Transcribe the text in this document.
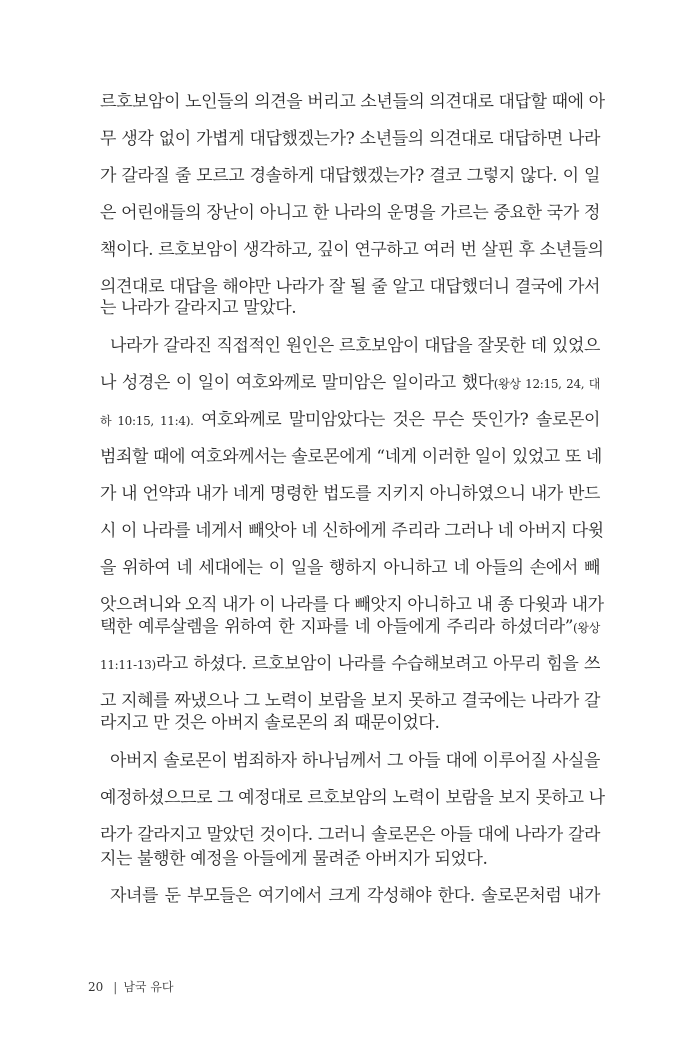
르호보암이 노인들의 의견을 버리고 소년들의 의견대로 대답할 때에 아
무 생각 없이 가볍게 대답했겠는가? 소년들의 의견대로 대답하면 나라
가 갈라질 줄 모르고 경솔하게 대답했겠는가? 결코 그렇지 않다. 이 일
은 어린애들의 장난이 아니고 한 나라의 운명을 가르는 중요한 국가 정
책이다. 르호보암이 생각하고, 깊이 연구하고 여러 번 살핀 후 소년들의
의견대로 대답을 해야만 나라가 잘 될 줄 알고 대답했더니 결국에 가서
는 나라가 갈라지고 말았다.
나라가 갈라진 직접적인 원인은 르호보암이 대답을 잘못한 데 있었으
나 성경은 이 일이 여호와께로 말미암은 일이라고 했다(왕상 12:15, 24, 대
하 10:15, 11:4). 여호와께로 말미암았다는 것은 무슨 뜻인가? 솔로몬이
범죄할 때에 여호와께서는 솔로몬에게 “네게 이러한 일이 있었고 또 네
가 내 언약과 내가 네게 명령한 법도를 지키지 아니하였으니 내가 반드
시 이 나라를 네게서 빼앗아 네 신하에게 주리라 그러나 네 아버지 다윗
을 위하여 네 세대에는 이 일을 행하지 아니하고 네 아들의 손에서 빼
앗으려니와 오직 내가 이 나라를 다 빼앗지 아니하고 내 종 다윗과 내가
택한 예루살렘을 위하여 한 지파를 네 아들에게 주리라 하셨더라”(왕상
11:11-13)라고 하셨다. 르호보암이 나라를 수습해보려고 아무리 힘을 쓰
고 지혜를 짜냈으나 그 노력이 보람을 보지 못하고 결국에는 나라가 갈
라지고 만 것은 아버지 솔로몬의 죄 때문이었다.
아버지 솔로몬이 범죄하자 하나님께서 그 아들 대에 이루어질 사실을
예정하셨으므로 그 예정대로 르호보암의 노력이 보람을 보지 못하고 나
라가 갈라지고 말았던 것이다. 그러니 솔로몬은 아들 대에 나라가 갈라
지는 불행한 예정을 아들에게 물려준 아버지가 되었다.
자녀를 둔 부모들은 여기에서 크게 각성해야 한다. 솔로몬처럼 내가
20 | 남국 유다
